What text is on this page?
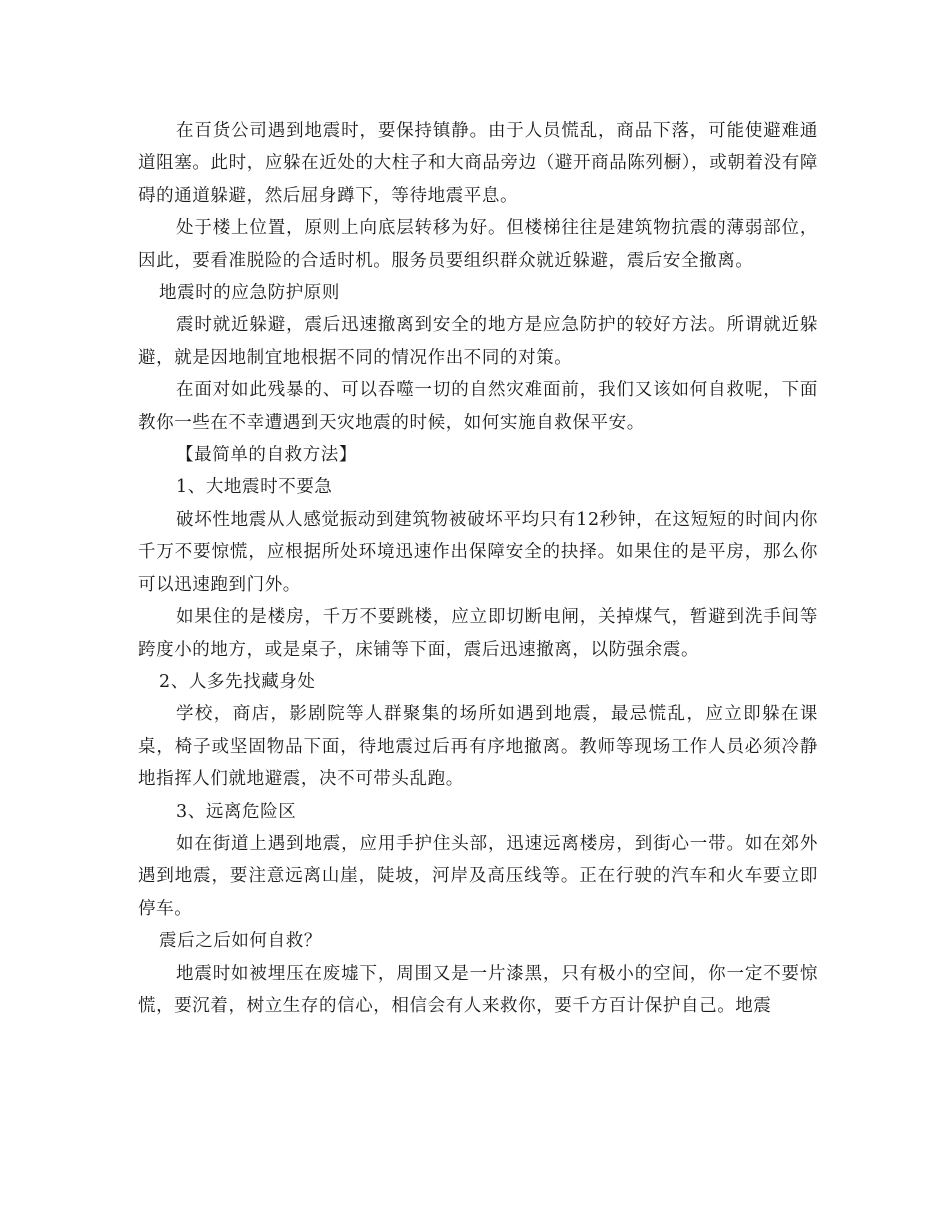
在百货公司遇到地震时，要保持镇静。由于人员慌乱，商品下落，可能使避难通道阻塞。此时，应躲在近处的大柱子和大商品旁边（避开商品陈列橱），或朝着没有障碍的通道躲避，然后屈身蹲下，等待地震平息。

处于楼上位置，原则上向底层转移为好。但楼梯往往是建筑物抗震的薄弱部位，因此，要看准脱险的合适时机。服务员要组织群众就近躲避，震后安全撤离。

地震时的应急防护原则

震时就近躲避，震后迅速撤离到安全的地方是应急防护的较好方法。所谓就近躲避，就是因地制宜地根据不同的情况作出不同的对策。

在面对如此残暴的、可以吞噬一切的自然灾难面前，我们又该如何自救呢，下面教你一些在不幸遭遇到天灾地震的时候，如何实施自救保平安。

【最简单的自救方法】

1、大地震时不要急

破坏性地震从人感觉振动到建筑物被破坏平均只有12秒钟，在这短短的时间内你千万不要惊慌，应根据所处环境迅速作出保障安全的抉择。如果住的是平房，那么你可以迅速跑到门外。

如果住的是楼房，千万不要跳楼，应立即切断电闸，关掉煤气，暂避到洗手间等跨度小的地方，或是桌子，床铺等下面，震后迅速撤离，以防强余震。

2、人多先找藏身处

学校，商店，影剧院等人群聚集的场所如遇到地震，最忌慌乱，应立即躲在课桌，椅子或坚固物品下面，待地震过后再有序地撤离。教师等现场工作人员必须冷静地指挥人们就地避震，决不可带头乱跑。

3、远离危险区

如在街道上遇到地震，应用手护住头部，迅速远离楼房，到街心一带。如在郊外遇到地震，要注意远离山崖，陡坡，河岸及高压线等。正在行驶的汽车和火车要立即停车。

震后之后如何自救？

地震时如被埋压在废墟下，周围又是一片漆黑，只有极小的空间，你一定不要惊慌，要沉着，树立生存的信心，相信会有人来救你，要千方百计保护自己。地震
